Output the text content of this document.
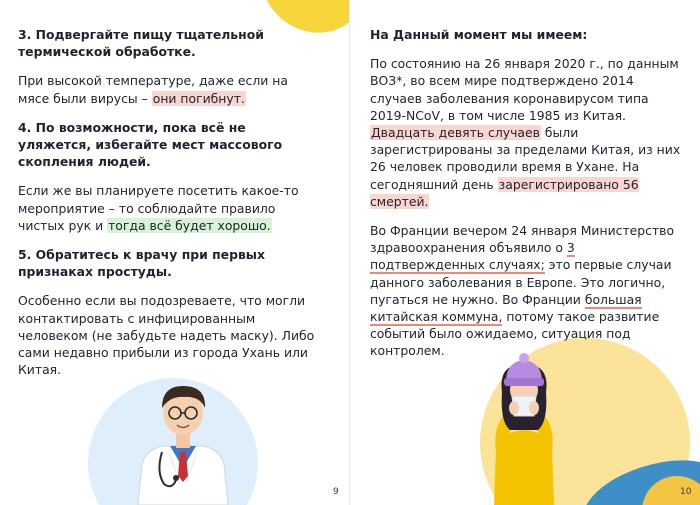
3. Подвергайте пищу тщательной термической обработке.

При высокой температуре, даже если на мясе были вирусы – они погибнут.

4. По возможности, пока всё не уляжется, избегайте мест массового скопления людей.

Если же вы планируете посетить какое-то мероприятие – то соблюдайте правило чистых рук и тогда всё будет хорошо.

5. Обратитесь к врачу при первых признаках простуды.

Особенно если вы подозреваете, что могли контактировать с инфицированным человеком (не забудьте надеть маску). Либо сами недавно прибыли из города Ухань или Китая.

9

На Данный момент мы имеем:

По состоянию на 26 января 2020 г., по данным ВОЗ*, во всем мире подтверждено 2014 случаев заболевания коронавирусом типа 2019-NCoV, в том числе 1985 из Китая. Двадцать девять случаев были зарегистрированы за пределами Китая, из них 26 человек проводили время в Ухане. На сегодняшний день зарегистрировано 56 смертей.

Во Франции вечером 24 января Министерство здравоохранения объявило о 3 подтвержденных случаях; это первые случаи данного заболевания в Европе. Это логично, пугаться не нужно. Во Франции большая китайская коммуна, потому такое развитие событий было ожидаемо, ситуация под контролем.

10
